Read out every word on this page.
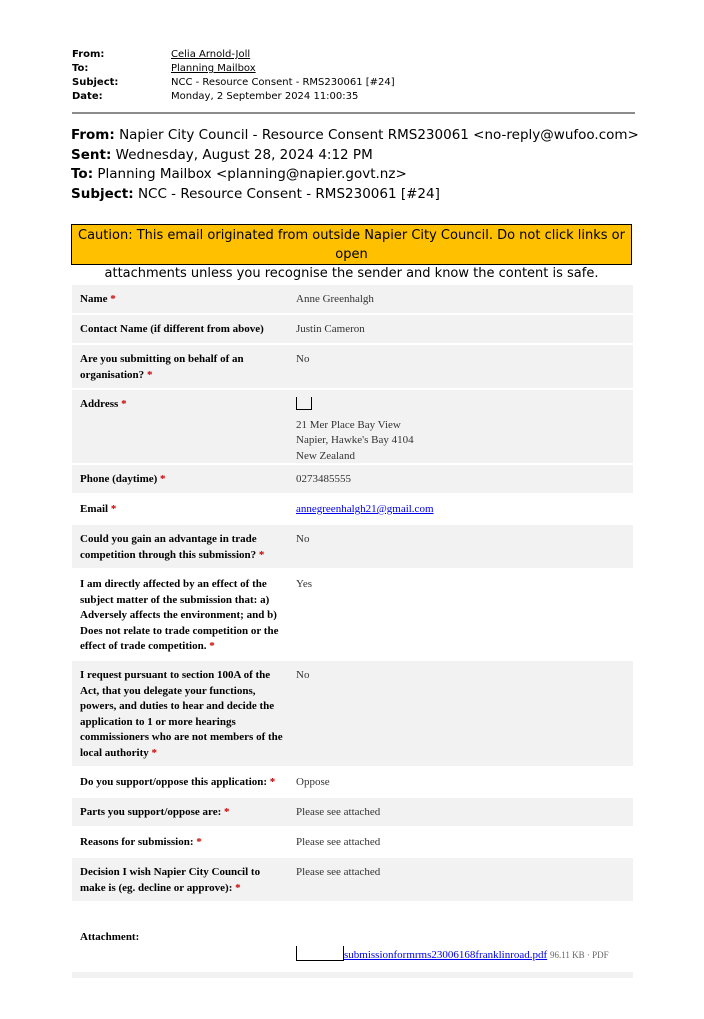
From:	Celia Arnold-Joll
To:	Planning Mailbox
Subject:	NCC - Resource Consent - RMS230061 [#24]
Date:	Monday, 2 September 2024 11:00:35
From: Napier City Council - Resource Consent RMS230061 <no-reply@wufoo.com>
Sent: Wednesday, August 28, 2024 4:12 PM
To: Planning Mailbox <planning@napier.govt.nz>
Subject: NCC - Resource Consent - RMS230061 [#24]
Caution: This email originated from outside Napier City Council. Do not click links or open
attachments unless you recognise the sender and know the content is safe.
Name *	Anne Greenhalgh
Contact Name (if different from above)	Justin Cameron
Are you submitting on behalf of an organisation? *
No
Address *
21 Mer Place Bay View
Napier, Hawke's Bay 4104
New Zealand
Phone (daytime) *	0273485555
Email *	annegreenhalgh21@gmail.com
Could you gain an advantage in trade competition through this submission? *
No
I am directly affected by an effect of the subject matter of the submission that: a) Adversely affects the environment; and b) Does not relate to trade competition or the effect of trade competition. *
Yes
I request pursuant to section 100A of the Act, that you delegate your functions, powers, and duties to hear and decide the application to 1 or more hearings commissioners who are not members of the local authority *
No
Do you support/oppose this application: *	Oppose
Parts you support/oppose are: *	Please see attached
Reasons for submission: *	Please see attached
Decision I wish Napier City Council to make is (eg. decline or approve): *
Please see attached
Attachment:
submissionformrms23006168franklinroad.pdf 96.11 KB · PDF
